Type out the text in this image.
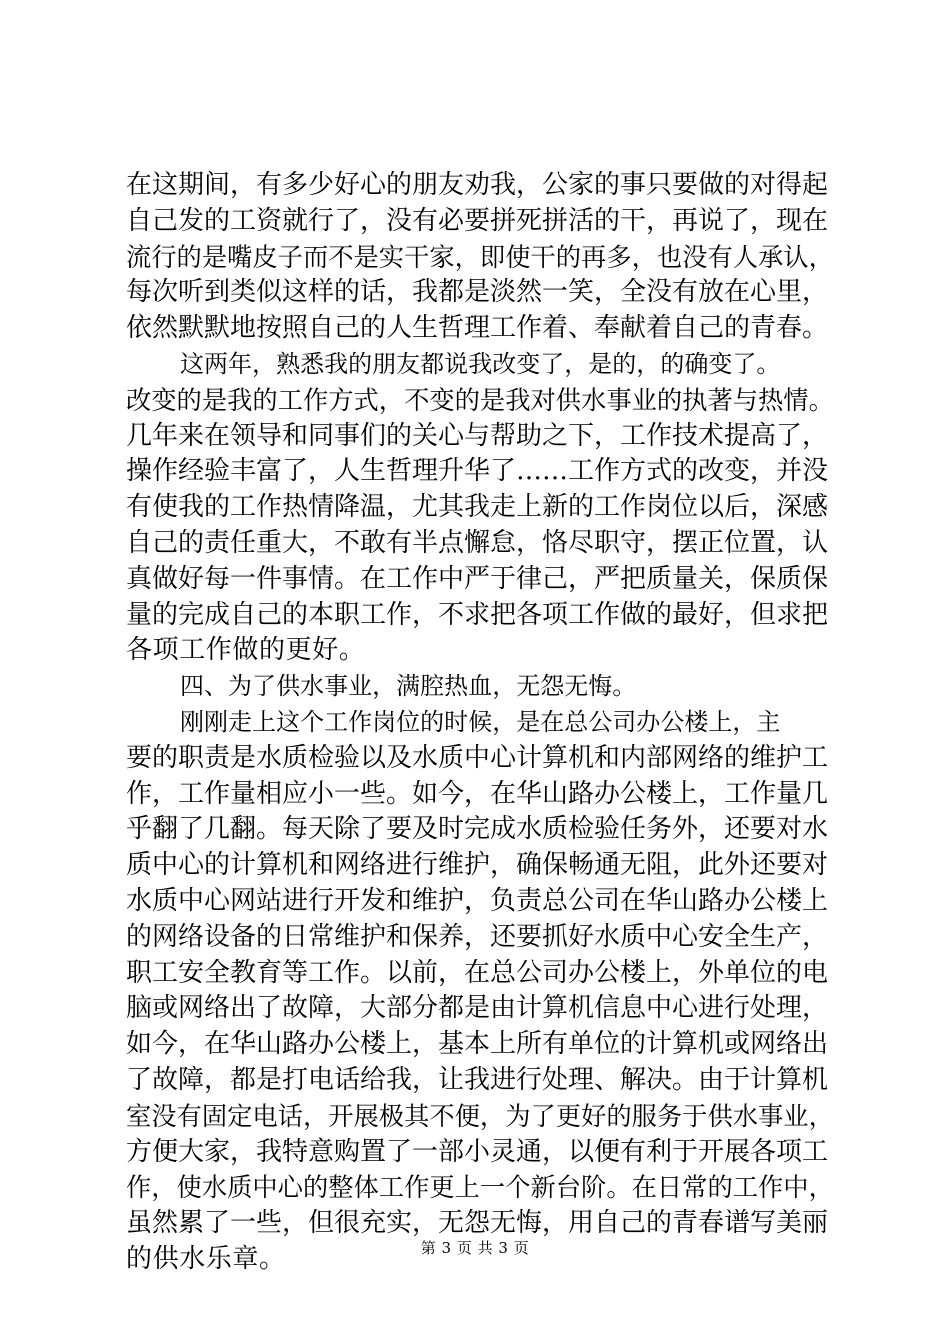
在这期间，有多少好心的朋友劝我，公家的事只要做的对得起
自己发的工资就行了，没有必要拼死拼活的干，再说了，现在
流行的是嘴皮子而不是实干家，即使干的再多，也没有人承认，
每次听到类似这样的话，我都是淡然一笑，全没有放在心里，
依然默默地按照自己的人生哲理工作着、奉献着自己的青春。
这两年，熟悉我的朋友都说我改变了，是的，的确变了。
改变的是我的工作方式，不变的是我对供水事业的执著与热情。
几年来在领导和同事们的关心与帮助之下，工作技术提高了，
操作经验丰富了，人生哲理升华了……工作方式的改变，并没
有使我的工作热情降温，尤其我走上新的工作岗位以后，深感
自己的责任重大，不敢有半点懈怠，恪尽职守，摆正位置，认
真做好每一件事情。在工作中严于律己，严把质量关，保质保
量的完成自己的本职工作，不求把各项工作做的最好，但求把
各项工作做的更好。
四、为了供水事业，满腔热血，无怨无悔。
刚刚走上这个工作岗位的时候，是在总公司办公楼上，主
要的职责是水质检验以及水质中心计算机和内部网络的维护工
作，工作量相应小一些。如今，在华山路办公楼上，工作量几
乎翻了几翻。每天除了要及时完成水质检验任务外，还要对水
质中心的计算机和网络进行维护，确保畅通无阻，此外还要对
水质中心网站进行开发和维护，负责总公司在华山路办公楼上
的网络设备的日常维护和保养，还要抓好水质中心安全生产，
职工安全教育等工作。以前，在总公司办公楼上，外单位的电
脑或网络出了故障，大部分都是由计算机信息中心进行处理，
如今，在华山路办公楼上，基本上所有单位的计算机或网络出
了故障，都是打电话给我，让我进行处理、解决。由于计算机
室没有固定电话，开展极其不便，为了更好的服务于供水事业，
方便大家，我特意购置了一部小灵通，以便有利于开展各项工
作，使水质中心的整体工作更上一个新台阶。在日常的工作中，
虽然累了一些，但很充实，无怨无悔，用自己的青春谱写美丽
的供水乐章。	第 3 页 共 3 页
